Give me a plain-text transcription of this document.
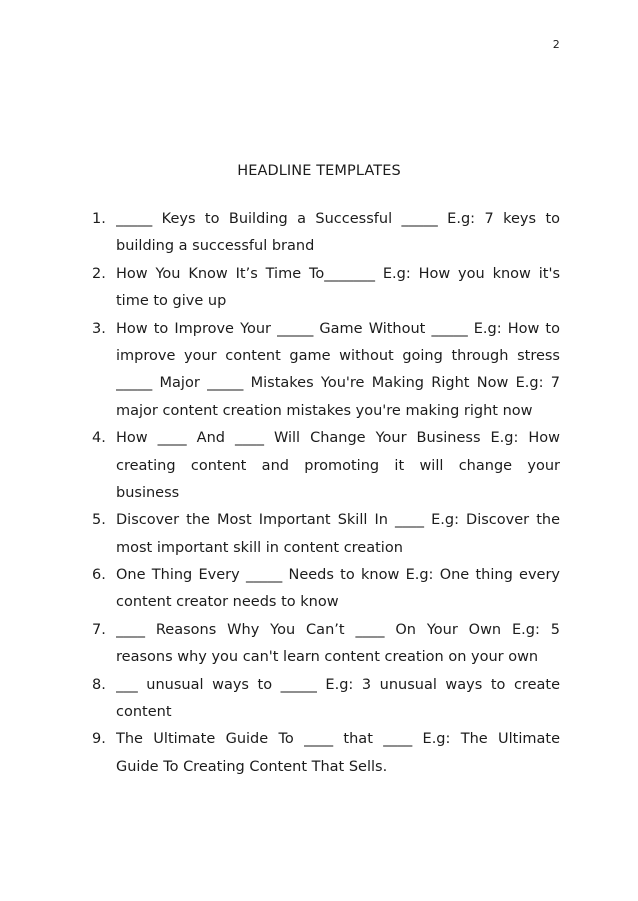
2
HEADLINE TEMPLATES
1. _____ Keys to Building a Successful _____ E.g: 7 keys to
building a successful brand
2. How You Know It’s Time To_______ E.g: How you know it's
time to give up
3. How to Improve Your _____ Game Without _____ E.g: How to
improve your content game without going through stress
_____ Major _____ Mistakes You're Making Right Now E.g: 7
major content creation mistakes you're making right now
4. How ____ And ____ Will Change Your Business E.g: How
creating content and promoting it will change your
business
5. Discover the Most Important Skill In ____ E.g: Discover the
most important skill in content creation
6. One Thing Every _____ Needs to know E.g: One thing every
content creator needs to know
7. ____ Reasons Why You Can’t ____ On Your Own E.g: 5
reasons why you can't learn content creation on your own
8. ___ unusual ways to _____ E.g: 3 unusual ways to create
content
9. The Ultimate Guide To ____ that ____ E.g: The Ultimate
Guide To Creating Content That Sells.
